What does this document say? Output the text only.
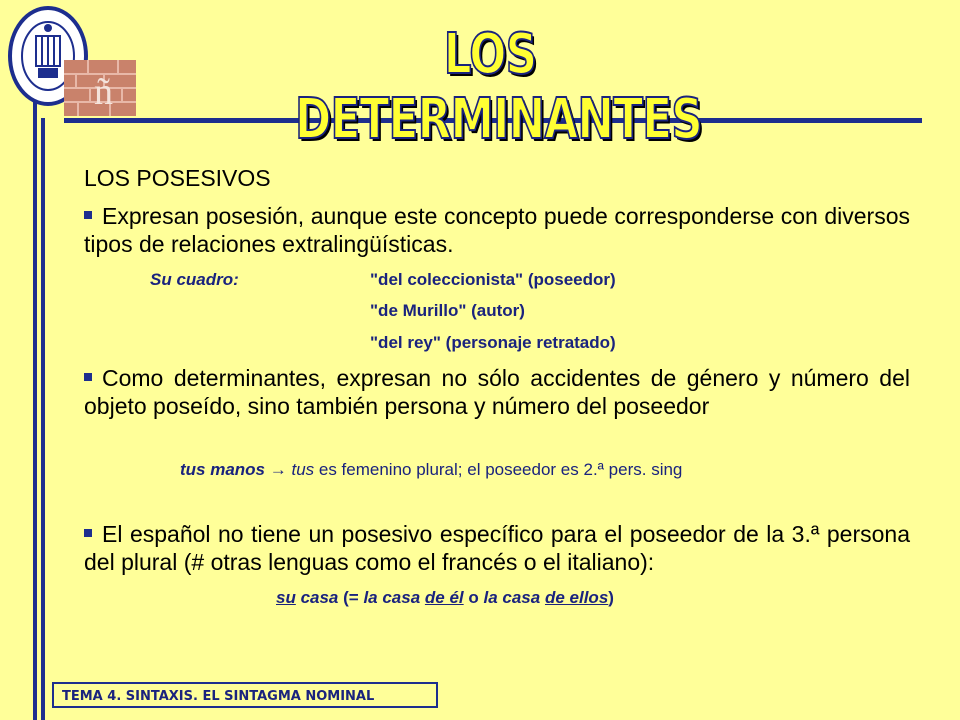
ñ
LOS DETERMINANTES
LOS POSESIVOS
Expresan posesión, aunque este concepto puede corresponderse con diversos tipos de relaciones extralingüísticas.
Su cuadro:	"del coleccionista" (poseedor)
"de Murillo" (autor)
"del rey" (personaje retratado)
Como determinantes, expresan no sólo accidentes de género y número del objeto poseído, sino también persona y número del poseedor
tus manos → tus es femenino plural; el poseedor es 2.ª pers. sing
El español no tiene un posesivo específico para el poseedor de la 3.ª persona del plural (# otras lenguas como el francés o el italiano):
su casa (= la casa de él o la casa de ellos)
TEMA 4. SINTAXIS. EL SINTAGMA NOMINAL
